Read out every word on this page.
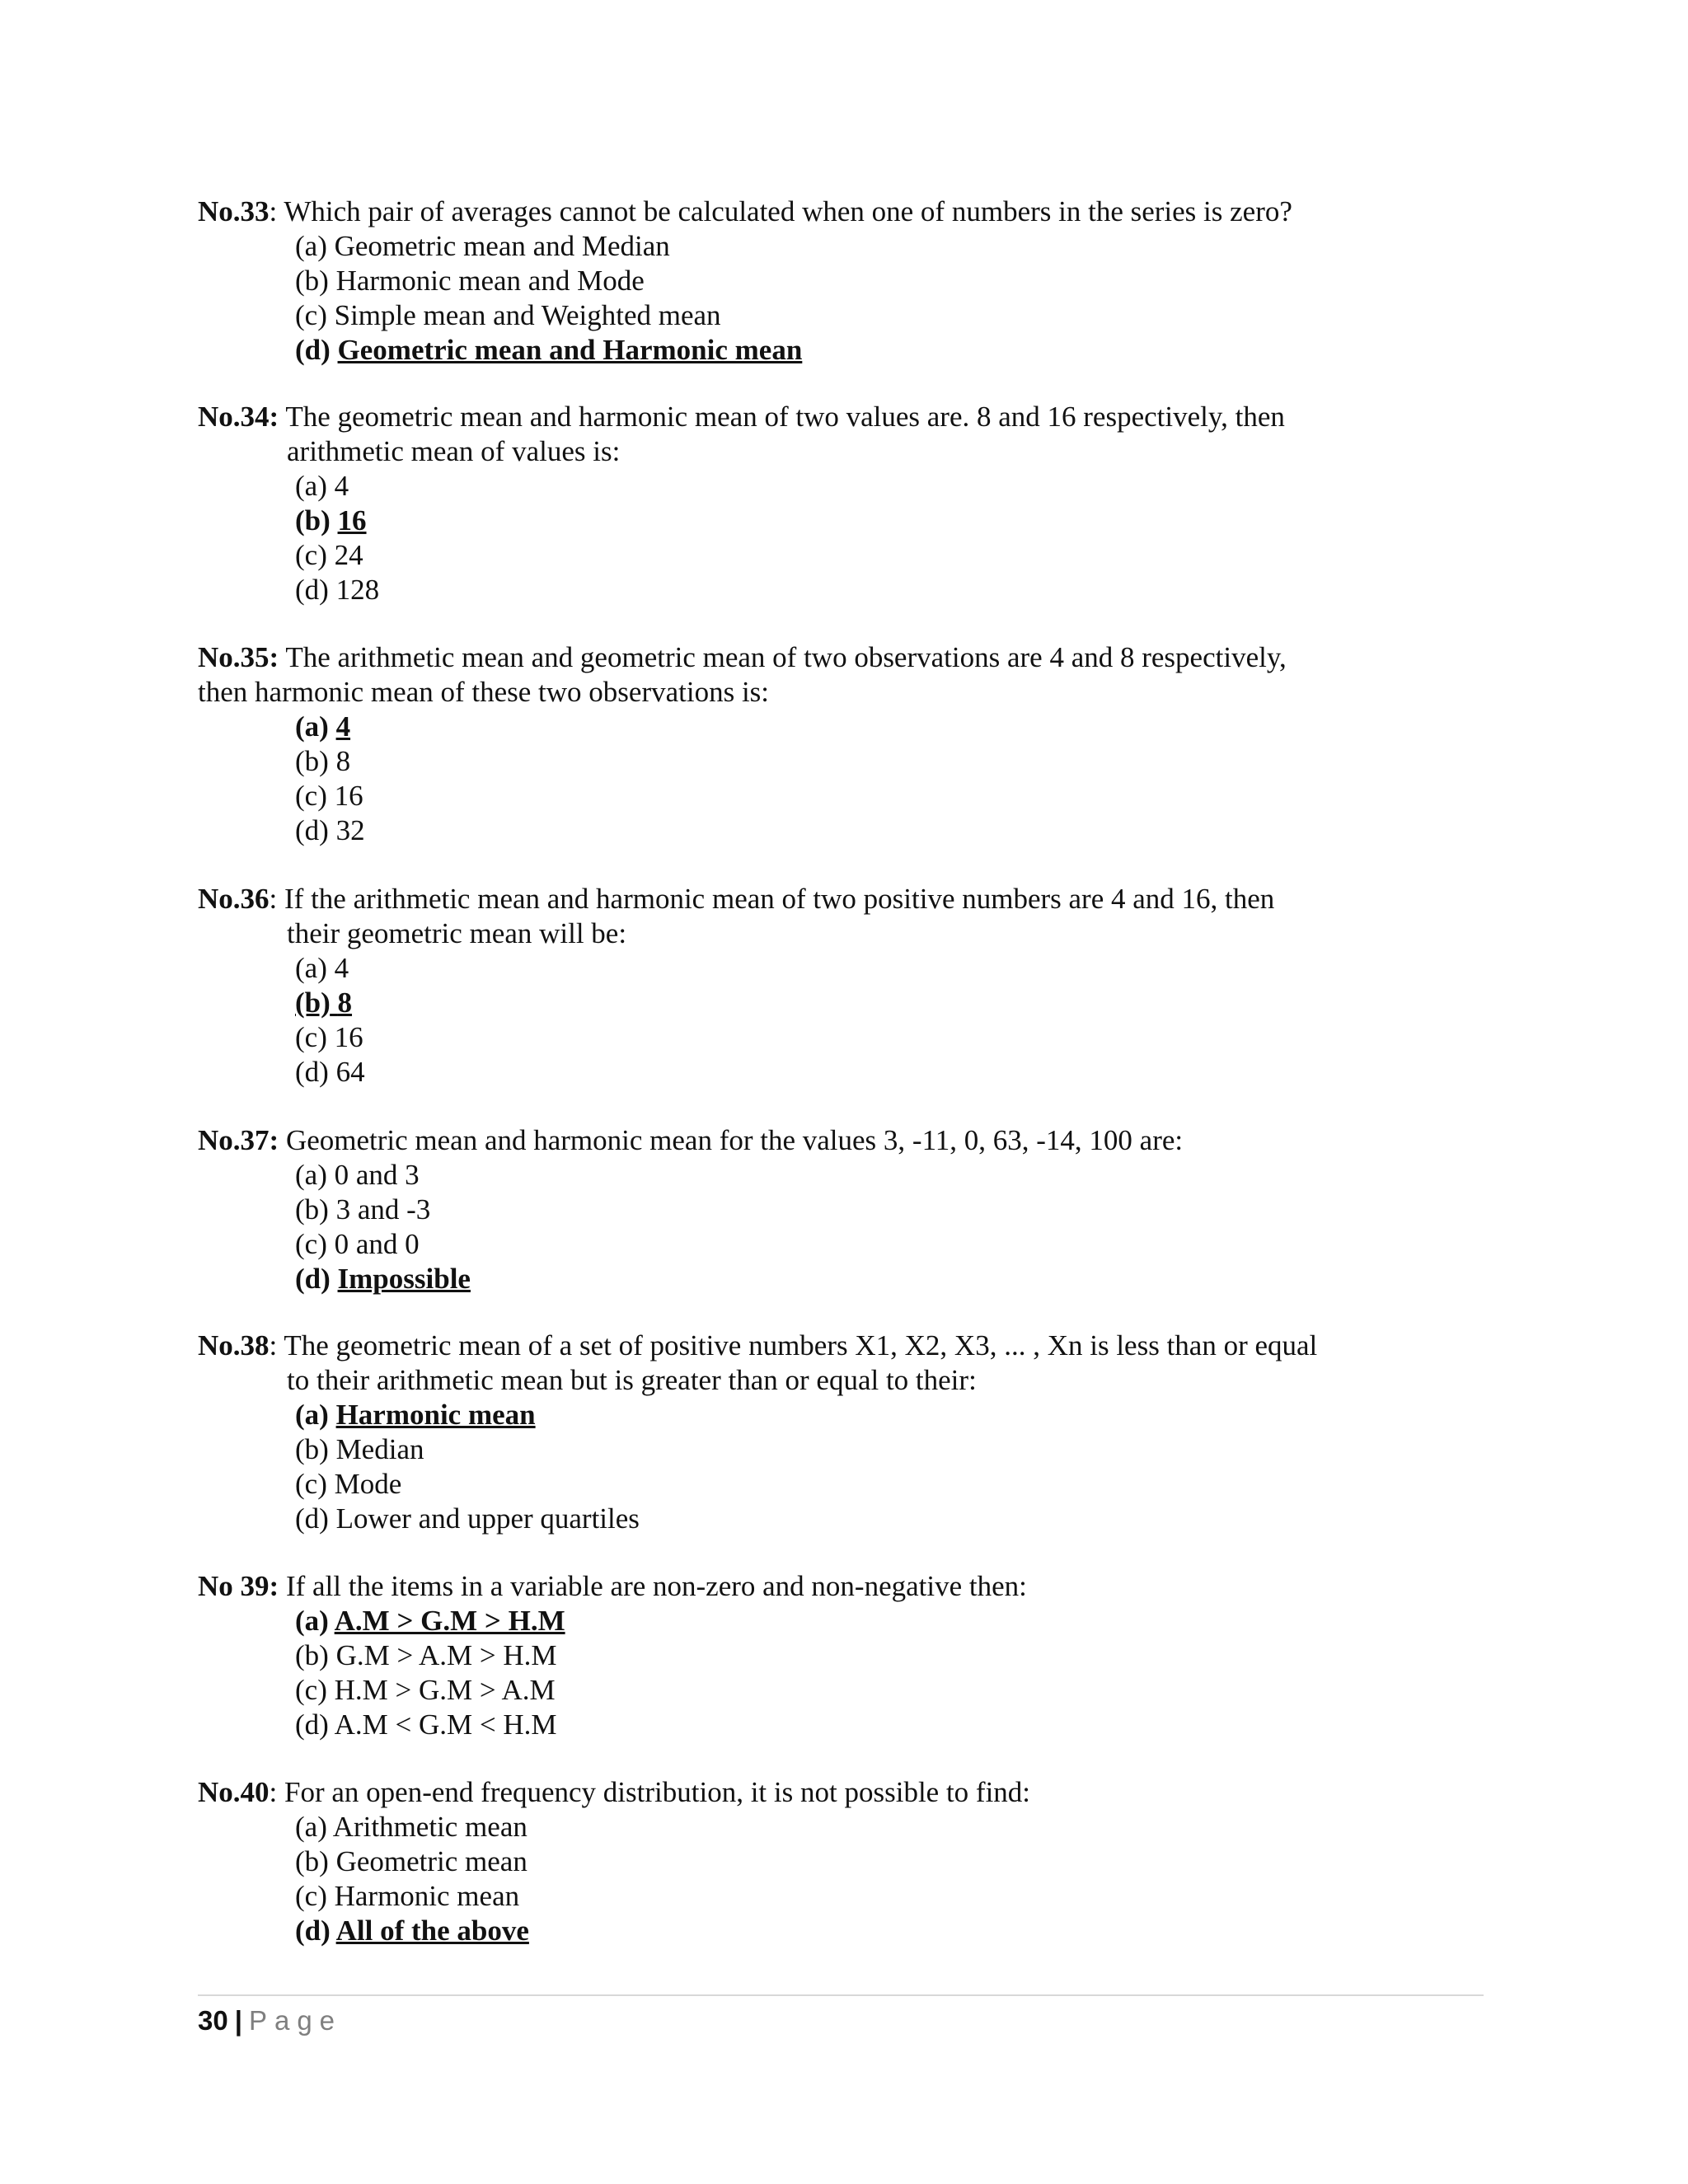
No.33: Which pair of averages cannot be calculated when one of numbers in the series is zero?

(a) Geometric mean and Median
(b) Harmonic mean and Mode
(c) Simple mean and Weighted mean
(d) Geometric mean and Harmonic mean

No.34: The geometric mean and harmonic mean of two values are. 8 and 16 respectively, then
arithmetic mean of values is:

(a) 4
(b) 16
(c) 24
(d) 128

No.35: The arithmetic mean and geometric mean of two observations are 4 and 8 respectively,
then harmonic mean of these two observations is:

(a) 4
(b) 8
(c) 16
(d) 32

No.36: If the arithmetic mean and harmonic mean of two positive numbers are 4 and 16, then
their geometric mean will be:

(a) 4
(b) 8
(c) 16
(d) 64

No.37: Geometric mean and harmonic mean for the values 3, -11, 0, 63, -14, 100 are:

(a) 0 and 3
(b) 3 and -3
(c) 0 and 0
(d) Impossible

No.38: The geometric mean of a set of positive numbers X1, X2, X3, ... , Xn is less than or equal
to their arithmetic mean but is greater than or equal to their:

(a) Harmonic mean
(b) Median
(c) Mode
(d) Lower and upper quartiles

No 39: If all the items in a variable are non-zero and non-negative then:

(a) A.M > G.M > H.M
(b) G.M > A.M > H.M
(c) H.M > G.M > A.M
(d) A.M < G.M < H.M

No.40: For an open-end frequency distribution, it is not possible to find:

(a) Arithmetic mean
(b) Geometric mean
(c) Harmonic mean
(d) All of the above
30 | Page
